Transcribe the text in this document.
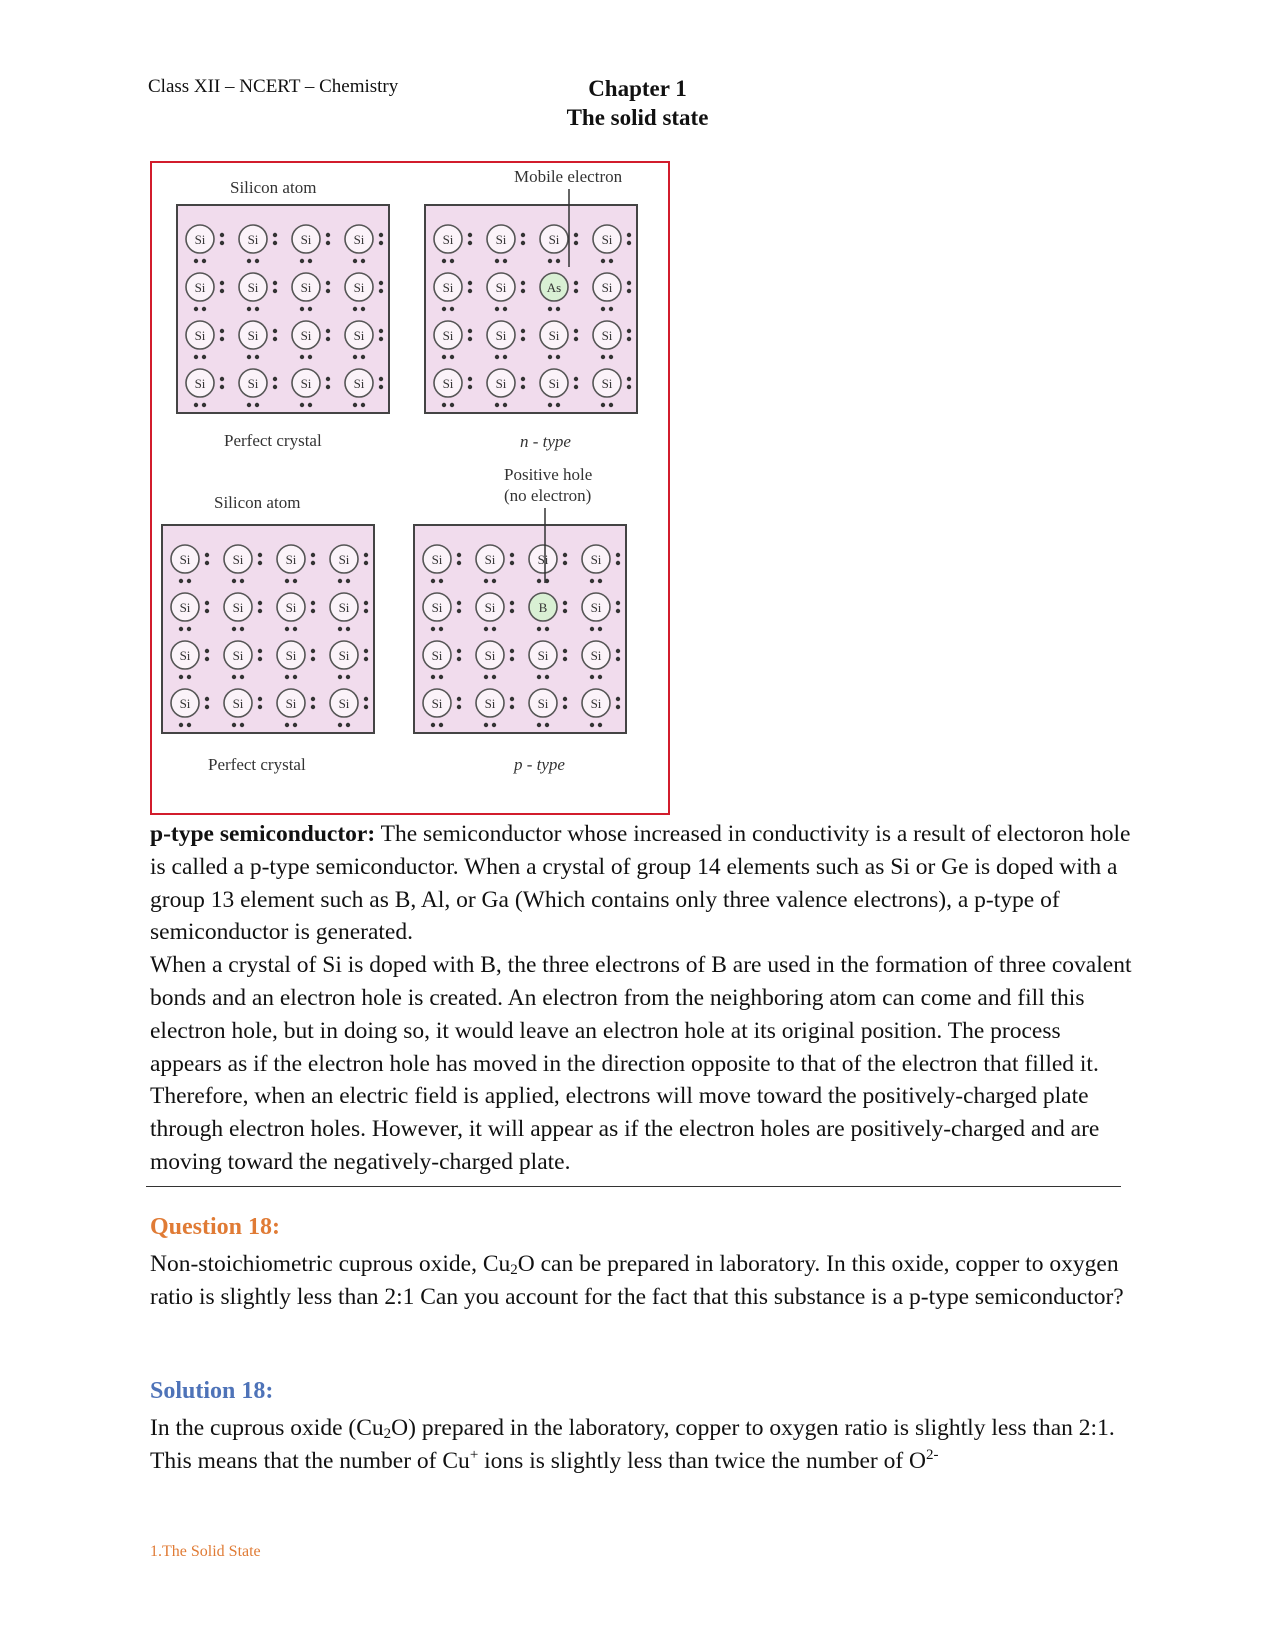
Class XII – NCERT – Chemistry	Chapter 1
The solid state
Silicon atom
Si	Si	Si	Si
Si	Si	Si	Si
Si	Si	Si	Si
Si	Si	Si	Si
Perfect crystal
Mobile electron
Si	Si	Si	Si
Si	Si	As	Si
Si	Si	Si	Si
Si	Si	Si	Si
n - type
Silicon atom
Si	Si	Si	Si
Si	Si	Si	Si
Si	Si	Si	Si
Si	Si	Si	Si
Perfect crystal
Positive hole
(no electron)
Si	Si	Si	Si
Si	Si	B	Si
Si	Si	Si	Si
Si	Si	Si	Si
p - type

p-type semiconductor: The semiconductor whose increased in conductivity is a result of electoron hole is called a p-type semiconductor. When a crystal of group 14 elements such as Si or Ge is doped with a group 13 element such as B, Al, or Ga (Which contains only three valence electrons), a p-type of semiconductor is generated.

When a crystal of Si is doped with B, the three electrons of B are used in the formation of three covalent bonds and an electron hole is created. An electron from the neighboring atom can come and fill this electron hole, but in doing so, it would leave an electron hole at its original position. The process appears as if the electron hole has moved in the direction opposite to that of the electron that filled it. Therefore, when an electric field is applied, electrons will move toward the positively-charged plate through electron holes. However, it will appear as if the electron holes are positively-charged and are moving toward the negatively-charged plate.

Question 18:

Non-stoichiometric cuprous oxide, $Cu_2O$ can be prepared in laboratory. In this oxide, copper to oxygen ratio is slightly less than 2:1 Can you account for the fact that this substance is a p-type semiconductor?

Solution 18:

In the cuprous oxide $(Cu_2O)$ prepared in the laboratory, copper to oxygen ratio is slightly less than 2:1. This means that the number of Cu+ ions is slightly less than twice the number of $O^{2-}$

1.The Solid State
